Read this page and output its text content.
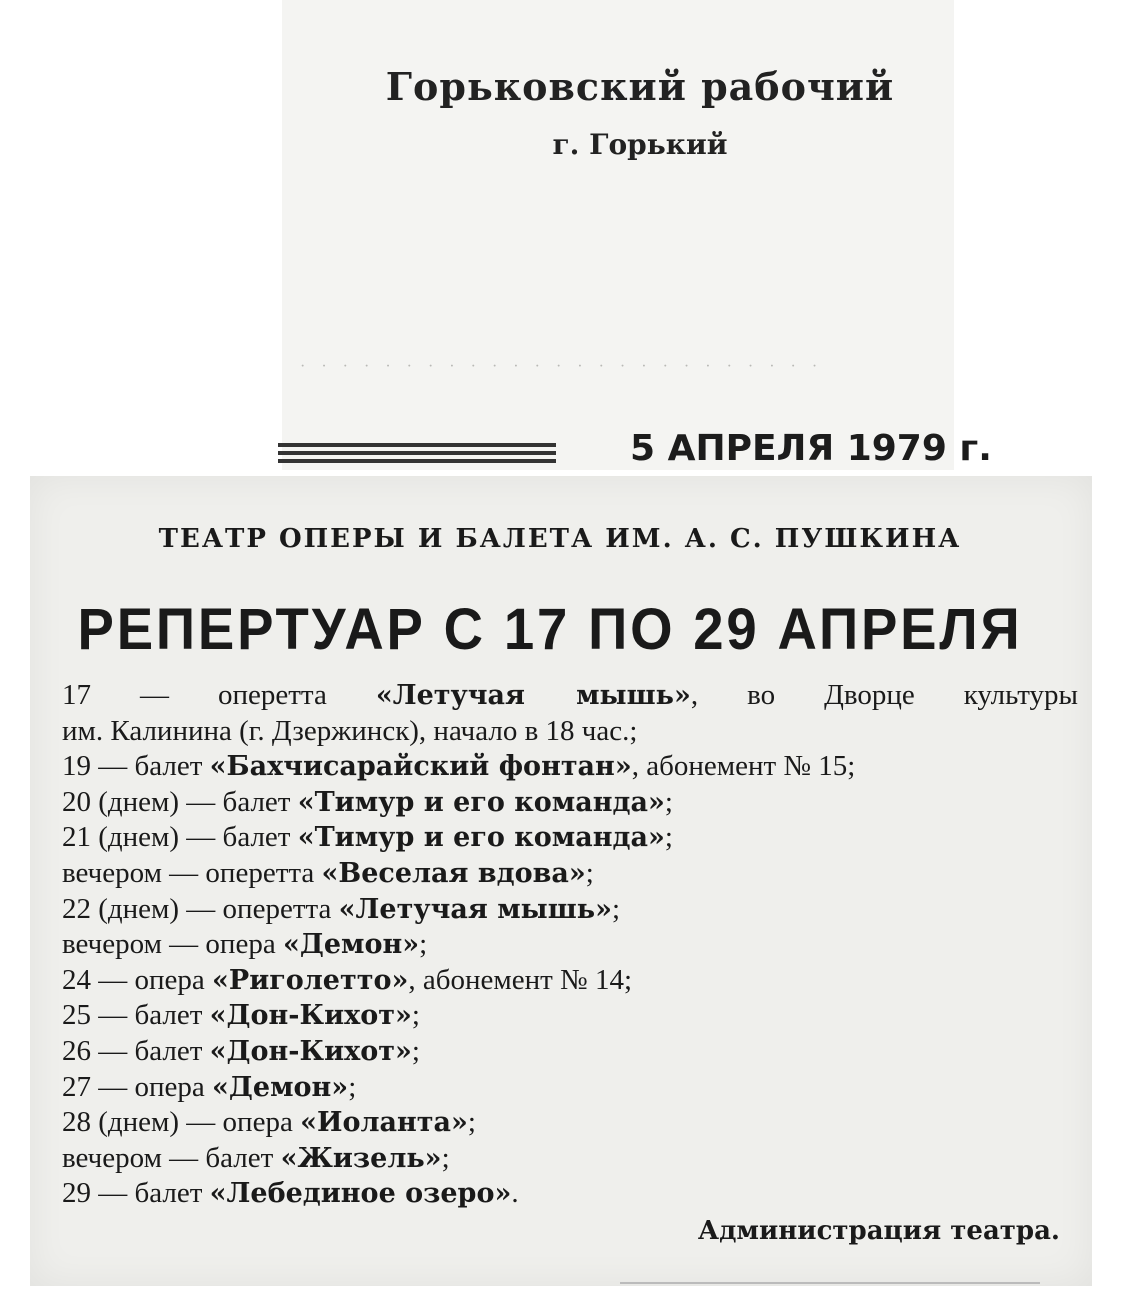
Горьковский рабочий
г. Горький
· · · · · · · · · · · · · · · · · · · · · · · · ·
5 АПРЕЛЯ 1979 г.
ТЕАТР ОПЕРЫ И БАЛЕТА ИМ. А. С. ПУШКИНА
РЕПЕРТУАР С 17 ПО 29 АПРЕЛЯ
17 — оперетта «Летучая мышь», во Дворце культуры
им. Калинина (г. Дзержинск), начало в 18 час.;
19 — балет «Бахчисарайский фонтан», абонемент № 15;
20 (днем) — балет «Тимур и его команда»;
21 (днем) — балет «Тимур и его команда»;
вечером — оперетта «Веселая вдова»;
22 (днем) — оперетта «Летучая мышь»;
вечером — опера «Демон»;
24 — опера «Риголетто», абонемент № 14;
25 — балет «Дон-Кихот»;
26 — балет «Дон-Кихот»;
27 — опера «Демон»;
28 (днем) — опера «Иоланта»;
вечером — балет «Жизель»;
29 — балет «Лебединое озеро».
Администрация театра.
